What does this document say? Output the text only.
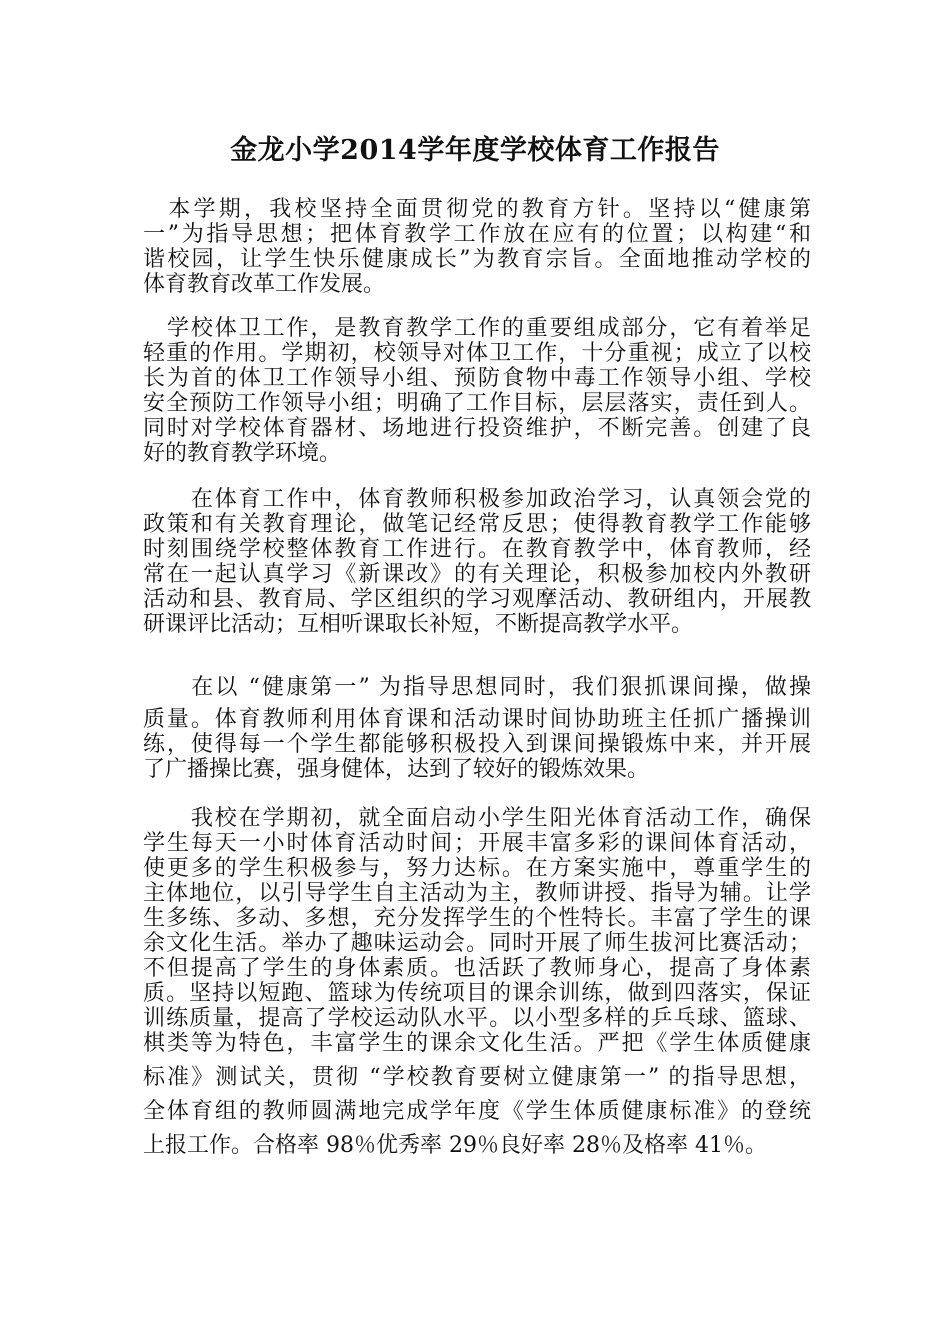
金龙小学2014学年度学校体育工作报告
　本学期，我校坚持全面贯彻党的教育方针。坚持以“健康第
一”为指导思想；把体育教学工作放在应有的位置；以构建“和
谐校园，让学生快乐健康成长”为教育宗旨。全面地推动学校的
体育教育改革工作发展。
　学校体卫工作，是教育教学工作的重要组成部分，它有着举足
轻重的作用。学期初，校领导对体卫工作，十分重视；成立了以校
长为首的体卫工作领导小组、预防食物中毒工作领导小组、学校
安全预防工作领导小组；明确了工作目标，层层落实，责任到人。
同时对学校体育器材、场地进行投资维护，不断完善。创建了良
好的教育教学环境。
　　在体育工作中，体育教师积极参加政治学习，认真领会党的
政策和有关教育理论，做笔记经常反思；使得教育教学工作能够
时刻围绕学校整体教育工作进行。在教育教学中，体育教师，经
常在一起认真学习《新课改》的有关理论，积极参加校内外教研
活动和县、教育局、学区组织的学习观摩活动、教研组内，开展教
研课评比活动；互相听课取长补短，不断提高教学水平。
　　在以 “健康第一” 为指导思想同时，我们狠抓课间操，做操
质量。体育教师利用体育课和活动课时间协助班主任抓广播操训
练，使得每一个学生都能够积极投入到课间操锻炼中来，并开展
了广播操比赛，强身健体，达到了较好的锻炼效果。
　　我校在学期初，就全面启动小学生阳光体育活动工作，确保
学生每天一小时体育活动时间；开展丰富多彩的课间体育活动，
使更多的学生积极参与，努力达标。在方案实施中，尊重学生的
主体地位，以引导学生自主活动为主，教师讲授、指导为辅。让学
生多练、多动、多想，充分发挥学生的个性特长。丰富了学生的课
余文化生活。举办了趣味运动会。同时开展了师生拔河比赛活动；
不但提高了学生的身体素质。也活跃了教师身心，提高了身体素
质。坚持以短跑、篮球为传统项目的课余训练，做到四落实，保证
训练质量，提高了学校运动队水平。以小型多样的乒乓球、篮球、
棋类等为特色，丰富学生的课余文化生活。严把《学生体质健康
标准》测试关，贯彻 “学校教育要树立健康第一” 的指导思想，
全体育组的教师圆满地完成学年度《学生体质健康标准》的登统
上报工作。合格率 98％优秀率 29％良好率 28％及格率 41％。
